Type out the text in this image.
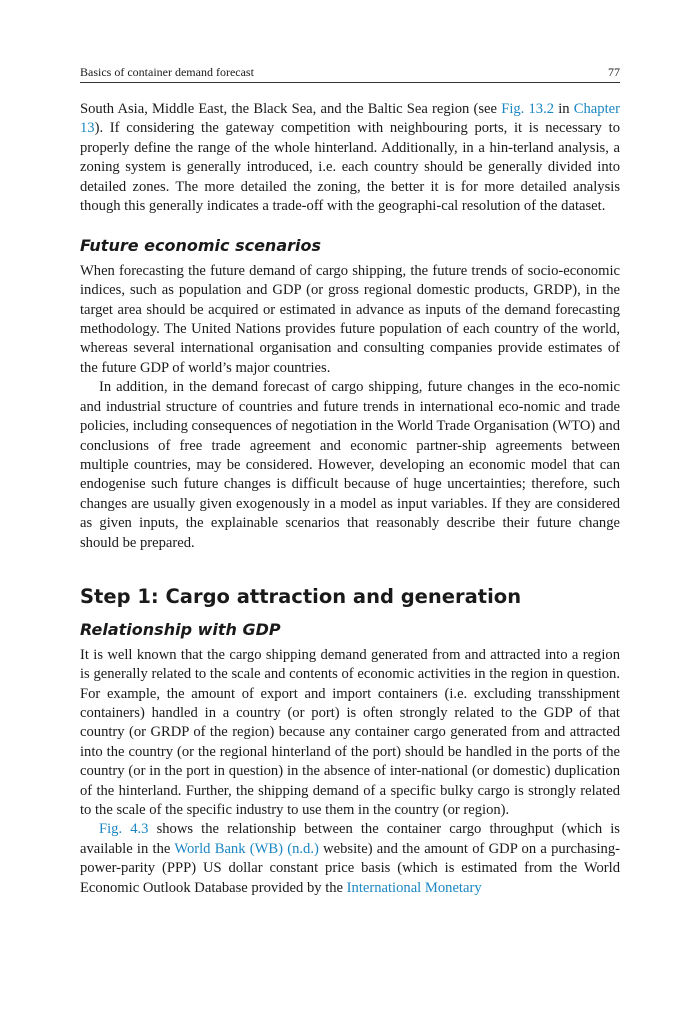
Basics of container demand forecast	77

South Asia, Middle East, the Black Sea, and the Baltic Sea region (see Fig. 13.2 in Chapter 13). If considering the gateway competition with neighbouring ports, it is necessary to properly define the range of the whole hinterland. Additionally, in a hin-terland analysis, a zoning system is generally introduced, i.e. each country should be generally divided into detailed zones. The more detailed the zoning, the better it is for more detailed analysis though this generally indicates a trade-off with the geographi-cal resolution of the dataset.

Future economic scenarios

When forecasting the future demand of cargo shipping, the future trends of socio-economic indices, such as population and GDP (or gross regional domestic products, GRDP), in the target area should be acquired or estimated in advance as inputs of the demand forecasting methodology. The United Nations provides future population of each country of the world, whereas several international organisation and consulting companies provide estimates of the future GDP of world’s major countries.

In addition, in the demand forecast of cargo shipping, future changes in the eco-nomic and industrial structure of countries and future trends in international eco-nomic and trade policies, including consequences of negotiation in the World Trade Organisation (WTO) and conclusions of free trade agreement and economic partner-ship agreements between multiple countries, may be considered. However, developing an economic model that can endogenise such future changes is difficult because of huge uncertainties; therefore, such changes are usually given exogenously in a model as input variables. If they are considered as given inputs, the explainable scenarios that reasonably describe their future change should be prepared.

Step 1: Cargo attraction and generation
Relationship with GDP

It is well known that the cargo shipping demand generated from and attracted into a region is generally related to the scale and contents of economic activities in the region in question. For example, the amount of export and import containers (i.e. excluding transshipment containers) handled in a country (or port) is often strongly related to the GDP of that country (or GRDP of the region) because any container cargo generated from and attracted into the country (or the regional hinterland of the port) should be handled in the ports of the country (or in the port in question) in the absence of inter-national (or domestic) duplication of the hinterland. Further, the shipping demand of a specific bulky cargo is strongly related to the scale of the specific industry to use them in the country (or region).

Fig. 4.3 shows the relationship between the container cargo throughput (which is available in the World Bank (WB) (n.d.) website) and the amount of GDP on a purchasing-power-parity (PPP) US dollar constant price basis (which is estimated from the World Economic Outlook Database provided by the International Monetary
